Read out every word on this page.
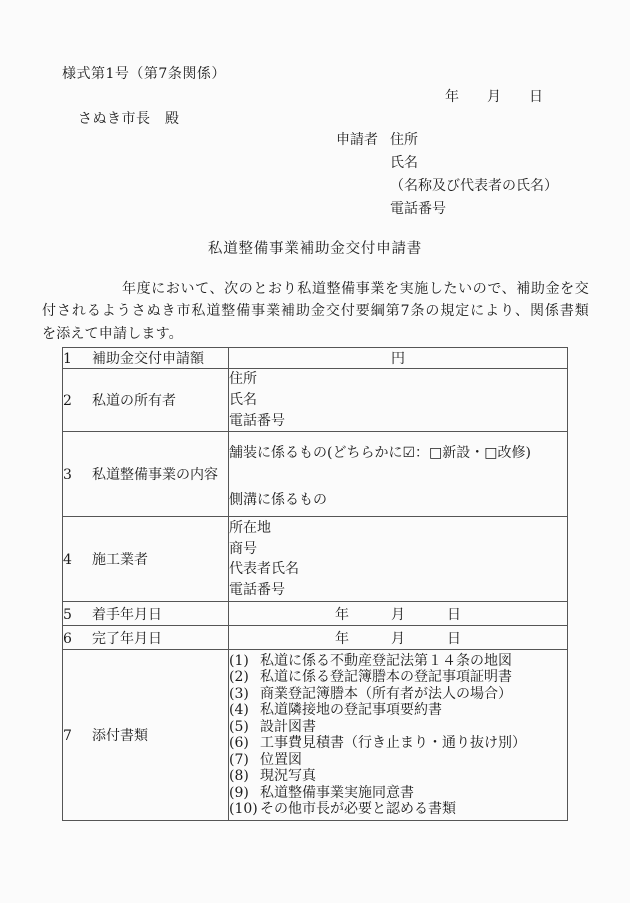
様式第1号（第7条関係）
年　　月　　日
さぬき市長　殿
申請者 住所
氏名
（名称及び代表者の氏名）
電話番号
私道整備事業補助金交付申請書
年度において、次のとおり私道整備事業を実施したいので、補助金を交
付されるようさぬき市私道整備事業補助金交付要綱第7条の規定により、関係書類
を添えて申請します。
1 補助金交付申請額	円
2 私道の所有者	住所
氏名
電話番号

3 私道整備事業の内容	舗装に係るもの(どちらかに☑：□新設・□改修)
側溝に係るもの

4 施工業者	所在地
商号
代表者氏名
電話番号

5 着手年月日	年　　　月　　　日
6 完了年月日	年　　　月　　　日
7 添付書類	
(1) 私道に係る不動産登記法第１４条の地図
(2) 私道に係る登記簿謄本の登記事項証明書
(3) 商業登記簿謄本（所有者が法人の場合）
(4) 私道隣接地の登記事項要約書
(5) 設計図書
(6) 工事費見積書（行き止まり・通り抜け別）
(7) 位置図
(8) 現況写真
(9) 私道整備事業実施同意書
(10) その他市長が必要と認める書類
